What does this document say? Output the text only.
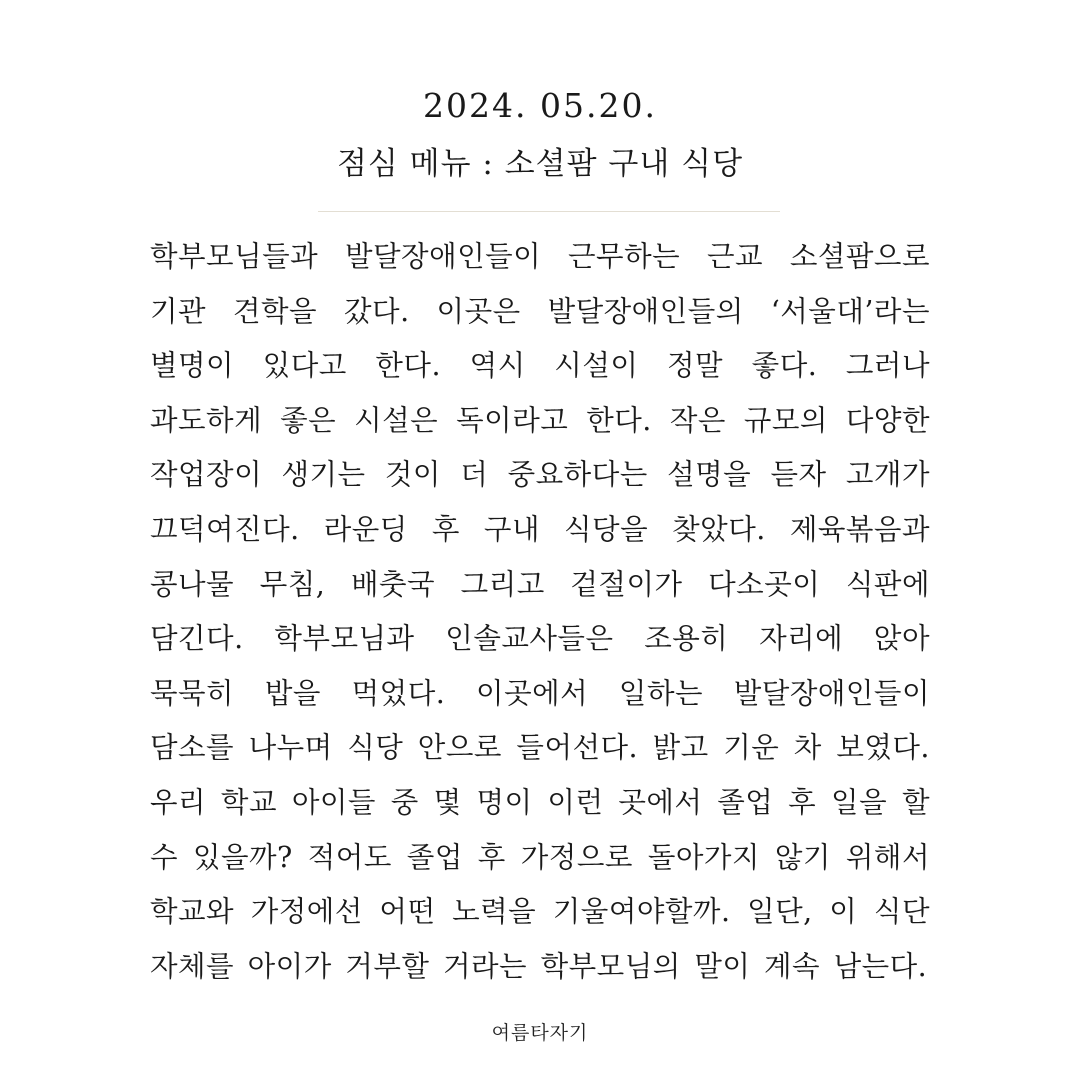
2024. 05.20.
점심 메뉴 : 소셜팜 구내 식당

학부모님들과 발달장애인들이 근무하는 근교 소셜팜으로 기관 견학을 갔다. 이곳은 발달장애인들의 ‘서울대’라는 별명이 있다고 한다. 역시 시설이 정말 좋다. 그러나 과도하게 좋은 시설은 독이라고 한다. 작은 규모의 다양한 작업장이 생기는 것이 더 중요하다는 설명을 듣자 고개가 끄덕여진다. 라운딩 후 구내 식당을 찾았다. 제육볶음과 콩나물 무침, 배춧국 그리고 겉절이가 다소곳이 식판에 담긴다. 학부모님과 인솔교사들은 조용히 자리에 앉아 묵묵히 밥을 먹었다. 이곳에서 일하는 발달장애인들이 담소를 나누며 식당 안으로 들어선다. 밝고 기운 차 보였다. 우리 학교 아이들 중 몇 명이 이런 곳에서 졸업 후 일을 할 수 있을까? 적어도 졸업 후 가정으로 돌아가지 않기 위해서 학교와 가정에선 어떤 노력을 기울여야할까. 일단, 이 식단 자체를 아이가 거부할 거라는 학부모님의 말이 계속 남는다.

여름타자기
